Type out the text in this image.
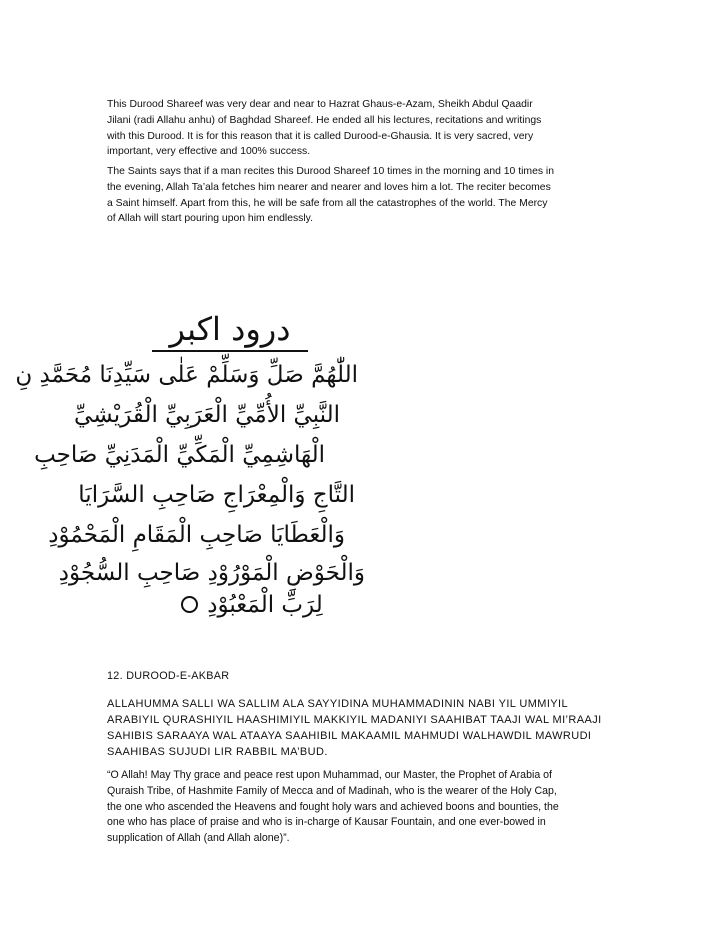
This Durood Shareef was very dear and near to Hazrat Ghaus-e-Azam, Sheikh Abdul Qaadir
Jilani (radi Allahu anhu) of Baghdad Shareef. He ended all his lectures, recitations and writings
with this Durood. It is for this reason that it is called Durood-e-Ghausia. It is very sacred, very
important, very effective and 100% success.

The Saints says that if a man recites this Durood Shareef 10 times in the morning and 10 times in
the evening, Allah Ta’ala fetches him nearer and nearer and loves him a lot. The reciter becomes
a Saint himself. Apart from this, he will be safe from all the catastrophes of the world. The Mercy
of Allah will start pouring upon him endlessly.

درود اكبر
اللّٰهُمَّ صَلِّ وَسَلِّمْ عَلٰى سَيِّدِنَا مُحَمَّدِ نِ
النَّبِيِّ الأُمِّيِّ الْعَرَبِيِّ الْقُرَيْشِيِّ
الْهَاشِمِيِّ الْمَكِّيِّ الْمَدَنِيِّ صَاحِبِ
التَّاجِ وَالْمِعْرَاجِ صَاحِبِ السَّرَايَا
وَالْعَطَايَا صَاحِبِ الْمَقَامِ الْمَحْمُوْدِ
وَالْحَوْضِ الْمَوْرُوْدِ صَاحِبِ السُّجُوْدِ
لِرَبِّ الْمَعْبُوْدِ

12. DUROOD-E-AKBAR

ALLAHUMMA SALLI WA SALLIM ALA SAYYIDINA MUHAMMADININ NABI YIL UMMIYIL
ARABIYIL QURASHIYIL HAASHIMIYIL MAKKIYIL MADANIYI SAAHIBAT TAAJI WAL MI’RAAJI
SAHIBIS SARAAYA WAL ATAAYA SAAHIBIL MAKAAMIL MAHMUDI WALHAWDIL MAWRUDI
SAAHIBAS SUJUDI LIR RABBIL MA’BUD.

“O Allah! May Thy grace and peace rest upon Muhammad, our Master, the Prophet of Arabia of
Quraish Tribe, of Hashmite Family of Mecca and of Madinah, who is the wearer of the Holy Cap,
the one who ascended the Heavens and fought holy wars and achieved boons and bounties, the
one who has place of praise and who is in-charge of Kausar Fountain, and one ever-bowed in
supplication of Allah (and Allah alone)”.
